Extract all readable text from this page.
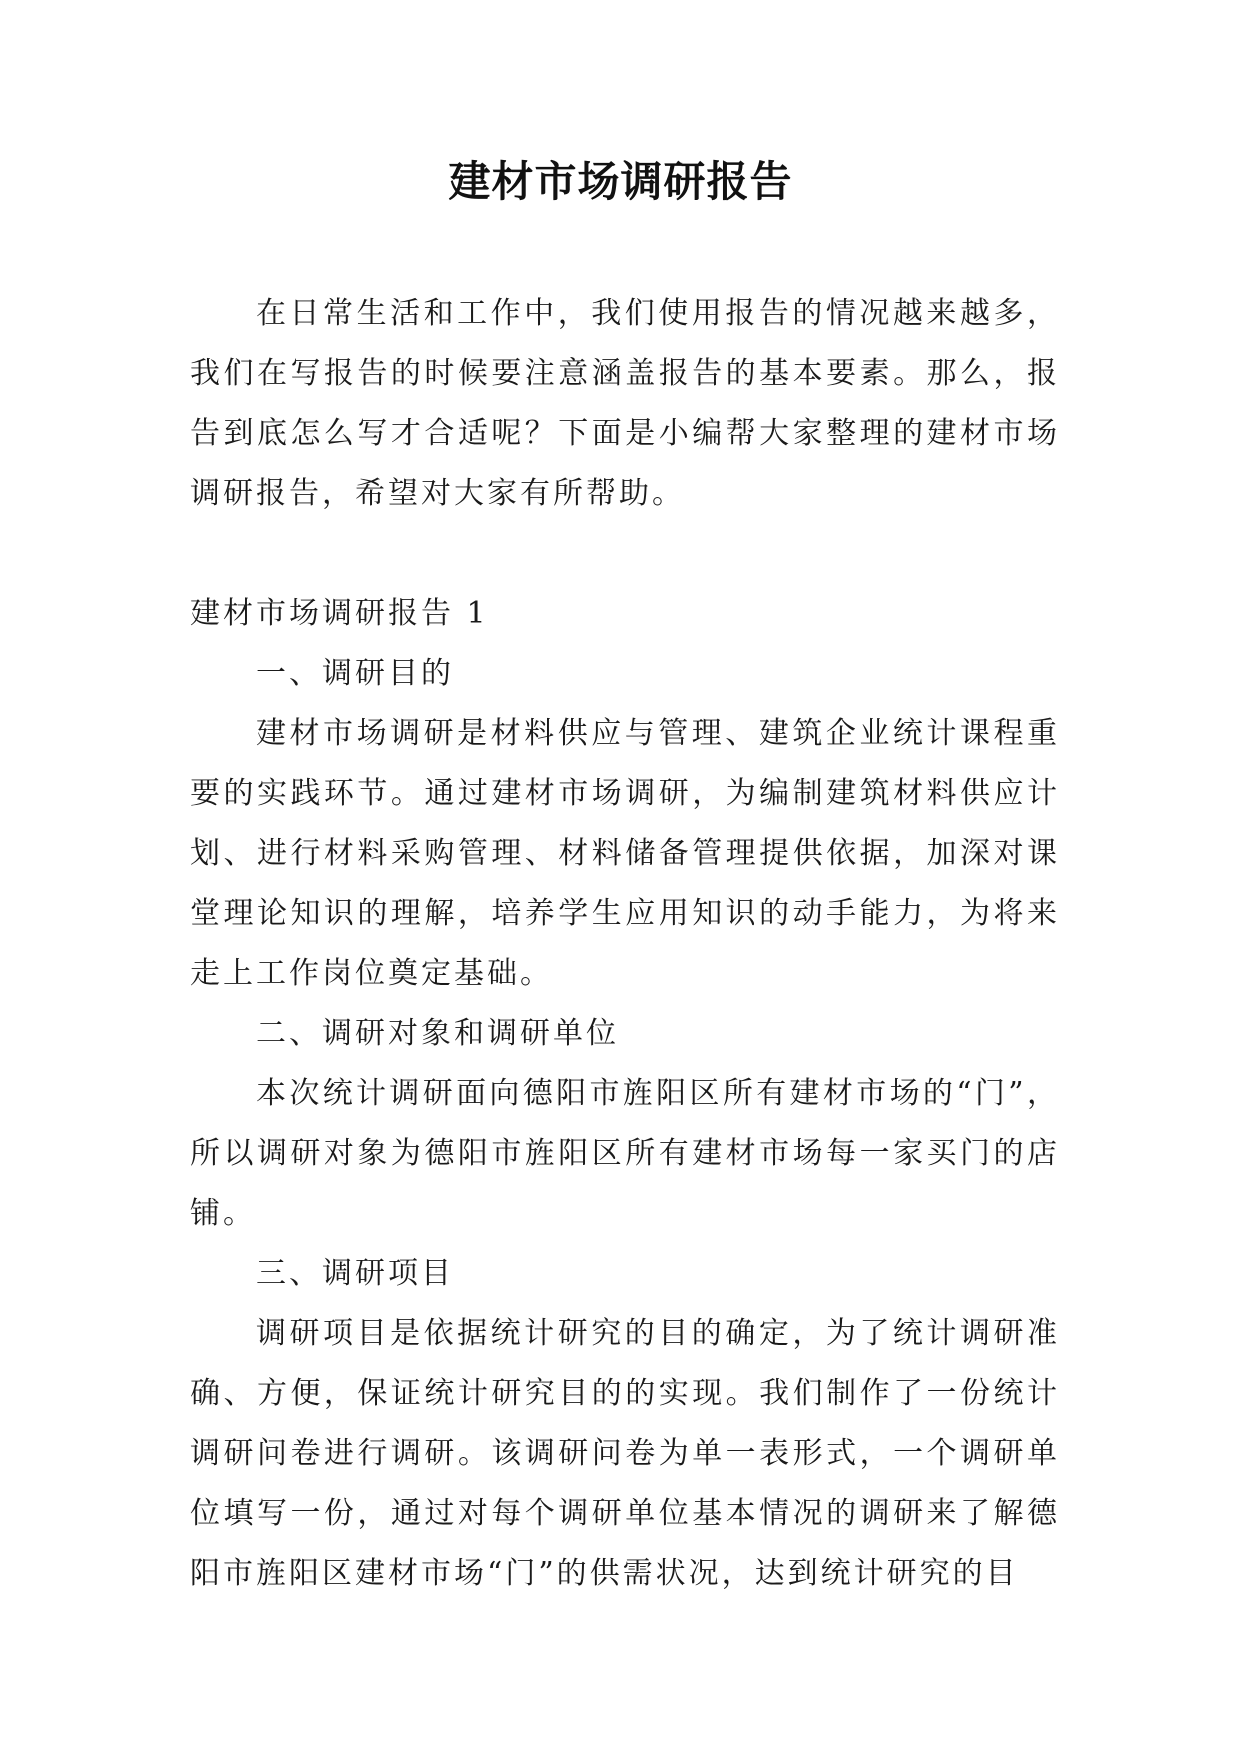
建材市场调研报告

在日常生活和工作中，我们使用报告的情况越来越多，我们在写报告的时候要注意涵盖报告的基本要素。那么，报告到底怎么写才合适呢？下面是小编帮大家整理的建材市场调研报告，希望对大家有所帮助。

建材市场调研报告 1

一、调研目的

建材市场调研是材料供应与管理、建筑企业统计课程重要的实践环节。通过建材市场调研，为编制建筑材料供应计划、进行材料采购管理、材料储备管理提供依据，加深对课堂理论知识的理解，培养学生应用知识的动手能力，为将来走上工作岗位奠定基础。

二、调研对象和调研单位

本次统计调研面向德阳市旌阳区所有建材市场的“门”，所以调研对象为德阳市旌阳区所有建材市场每一家买门的店铺。

三、调研项目

调研项目是依据统计研究的目的确定，为了统计调研准确、方便，保证统计研究目的的实现。我们制作了一份统计调研问卷进行调研。该调研问卷为单一表形式，一个调研单位填写一份，通过对每个调研单位基本情况的调研来了解德阳市旌阳区建材市场“门”的供需状况，达到统计研究的目
